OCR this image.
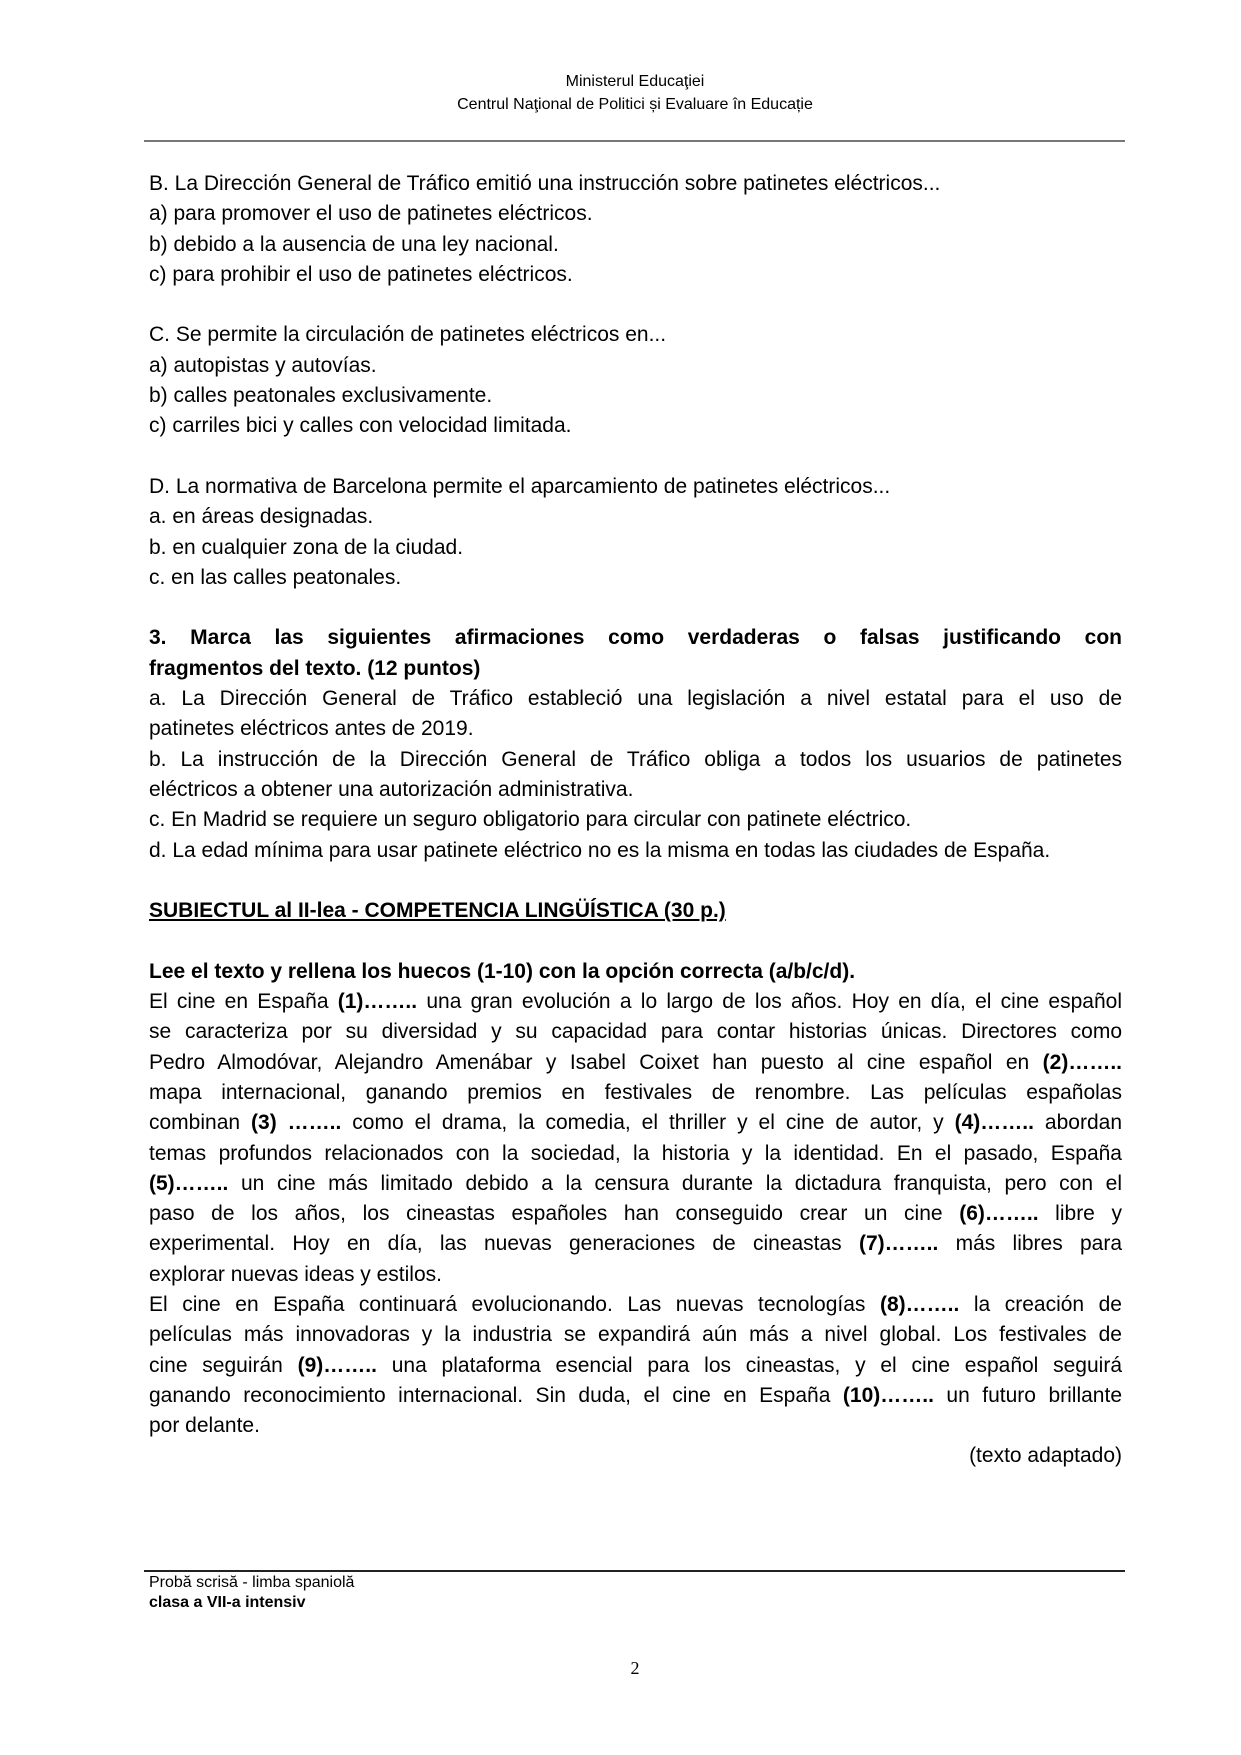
Ministerul Educaţiei
Centrul Naţional de Politici și Evaluare în Educație
B. La Dirección General de Tráfico emitió una instrucción sobre patinetes eléctricos...
a) para promover el uso de patinetes eléctricos.
b) debido a la ausencia de una ley nacional.
c) para prohibir el uso de patinetes eléctricos.
C. Se permite la circulación de patinetes eléctricos en...
a) autopistas y autovías.
b) calles peatonales exclusivamente.
c) carriles bici y calles con velocidad limitada.
D. La normativa de Barcelona permite el aparcamiento de patinetes eléctricos...
a. en áreas designadas.
b. en cualquier zona de la ciudad.
c. en las calles peatonales.
3. Marca las siguientes afirmaciones como verdaderas o falsas justificando con
fragmentos del texto. (12 puntos)
a. La Dirección General de Tráfico estableció una legislación a nivel estatal para el uso de
patinetes eléctricos antes de 2019.
b. La instrucción de la Dirección General de Tráfico obliga a todos los usuarios de patinetes
eléctricos a obtener una autorización administrativa.
c. En Madrid se requiere un seguro obligatorio para circular con patinete eléctrico.
d. La edad mínima para usar patinete eléctrico no es la misma en todas las ciudades de España.
SUBIECTUL al II-lea - COMPETENCIA LINGÜÍSTICA (30 p.)
Lee el texto y rellena los huecos (1-10) con la opción correcta (a/b/c/d).
El cine en España (1)…….. una gran evolución a lo largo de los años. Hoy en día, el cine español
se caracteriza por su diversidad y su capacidad para contar historias únicas. Directores como
Pedro Almodóvar, Alejandro Amenábar y Isabel Coixet han puesto al cine español en (2)……..
mapa internacional, ganando premios en festivales de renombre. Las películas españolas
combinan (3) …….. como el drama, la comedia, el thriller y el cine de autor, y (4)…….. abordan
temas profundos relacionados con la sociedad, la historia y la identidad. En el pasado, España
(5)…….. un cine más limitado debido a la censura durante la dictadura franquista, pero con el
paso de los años, los cineastas españoles han conseguido crear un cine (6)…….. libre y
experimental. Hoy en día, las nuevas generaciones de cineastas (7)…….. más libres para
explorar nuevas ideas y estilos.
El cine en España continuará evolucionando. Las nuevas tecnologías (8)…….. la creación de
películas más innovadoras y la industria se expandirá aún más a nivel global. Los festivales de
cine seguirán (9)…….. una plataforma esencial para los cineastas, y el cine español seguirá
ganando reconocimiento internacional. Sin duda, el cine en España (10)…….. un futuro brillante
por delante.
(texto adaptado)
Probă scrisă - limba spaniolă
clasa a VII-a intensiv
2
